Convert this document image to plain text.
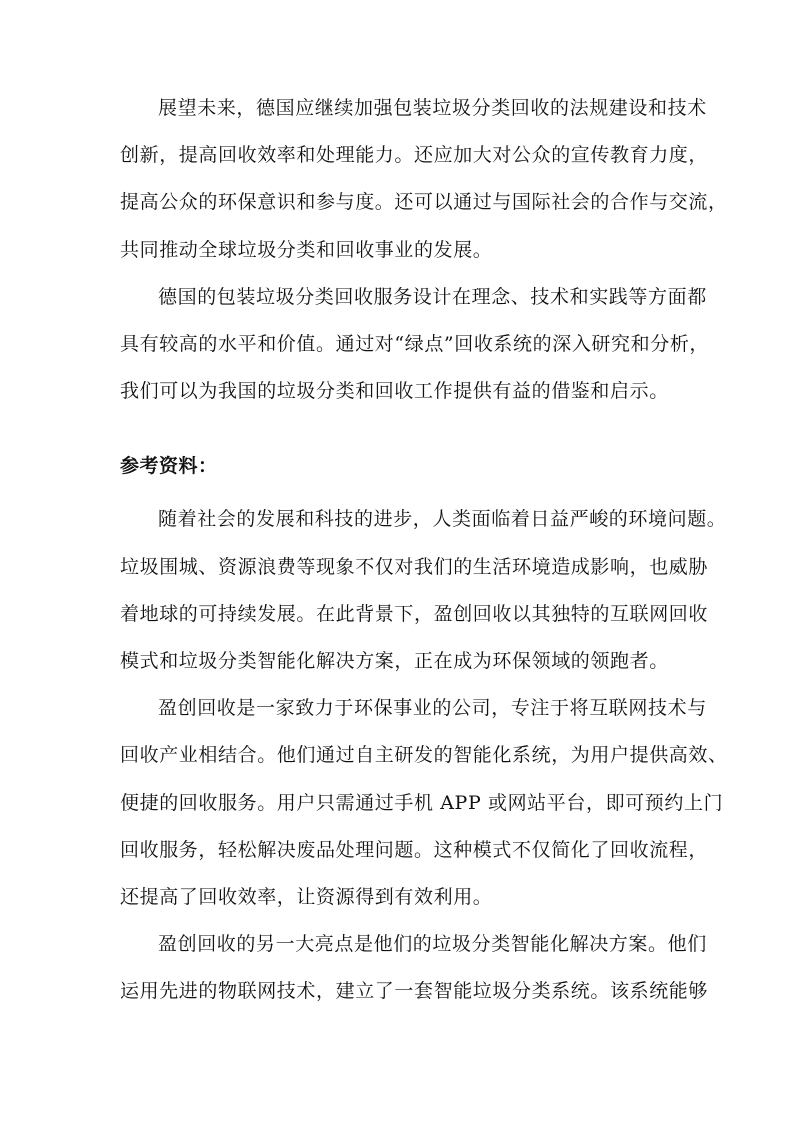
展望未来，德国应继续加强包装垃圾分类回收的法规建设和技术
创新，提高回收效率和处理能力。还应加大对公众的宣传教育力度，
提高公众的环保意识和参与度。还可以通过与国际社会的合作与交流，
共同推动全球垃圾分类和回收事业的发展。

德国的包装垃圾分类回收服务设计在理念、技术和实践等方面都
具有较高的水平和价值。通过对“绿点”回收系统的深入研究和分析，
我们可以为我国的垃圾分类和回收工作提供有益的借鉴和启示。

参考资料：

随着社会的发展和科技的进步，人类面临着日益严峻的环境问题。
垃圾围城、资源浪费等现象不仅对我们的生活环境造成影响，也威胁
着地球的可持续发展。在此背景下，盈创回收以其独特的互联网回收
模式和垃圾分类智能化解决方案，正在成为环保领域的领跑者。

盈创回收是一家致力于环保事业的公司，专注于将互联网技术与
回收产业相结合。他们通过自主研发的智能化系统，为用户提供高效、
便捷的回收服务。用户只需通过手机 APP 或网站平台，即可预约上门
回收服务，轻松解决废品处理问题。这种模式不仅简化了回收流程，
还提高了回收效率，让资源得到有效利用。

盈创回收的另一大亮点是他们的垃圾分类智能化解决方案。他们
运用先进的物联网技术，建立了一套智能垃圾分类系统。该系统能够
